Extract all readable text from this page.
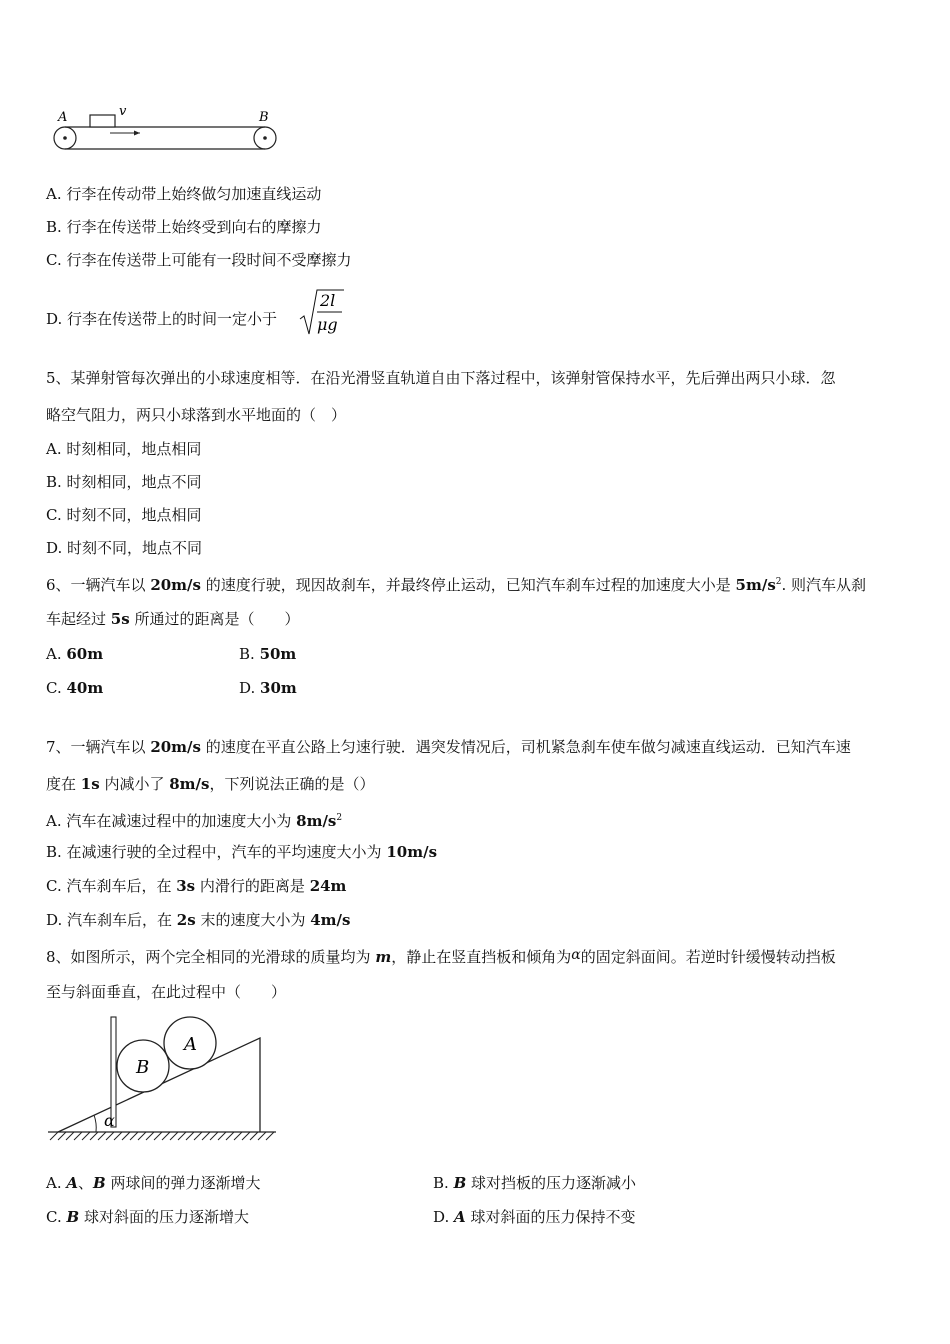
A	v	B
A. 行李在传动带上始终做匀加速直线运动
B. 行李在传送带上始终受到向右的摩擦力
C. 行李在传送带上可能有一段时间不受摩擦力
D. 行李在传送带上的时间一定小于
2l
μg
5、某弹射管每次弹出的小球速度相等．在沿光滑竖直轨道自由下落过程中，该弹射管保持水平，先后弹出两只小球．忽
略空气阻力，两只小球落到水平地面的（　）
A. 时刻相同，地点相同
B. 时刻相同，地点不同
C. 时刻不同，地点相同
D. 时刻不同，地点不同
6、一辆汽车以 20m/s 的速度行驶，现因故刹车，并最终停止运动，已知汽车刹车过程的加速度大小是 $5m/s^2$. 则汽车从刹
车起经过 5s 所通过的距离是（　　）
A. 60m	B. 50m
C. 40m	D. 30m
7、一辆汽车以 20m/s 的速度在平直公路上匀速行驶．遇突发情况后，司机紧急刹车使车做匀减速直线运动．已知汽车速
度在 1s 内减小了 8m/s，下列说法正确的是（）
A. 汽车在减速过程中的加速度大小为 $8m/s^2$
B. 在减速行驶的全过程中，汽车的平均速度大小为 10m/s
C. 汽车刹车后，在 3s 内滑行的距离是 24m
D. 汽车刹车后，在 2s 末的速度大小为 4m/s
8、如图所示，两个完全相同的光滑球的质量均为 m，静止在竖直挡板和倾角为α的固定斜面间。若逆时针缓慢转动挡板
至与斜面垂直，在此过程中（　　）
B
A
α
A. A、B 两球间的弹力逐渐增大	B. B 球对挡板的压力逐渐减小
C. B 球对斜面的压力逐渐增大	D. A 球对斜面的压力保持不变
